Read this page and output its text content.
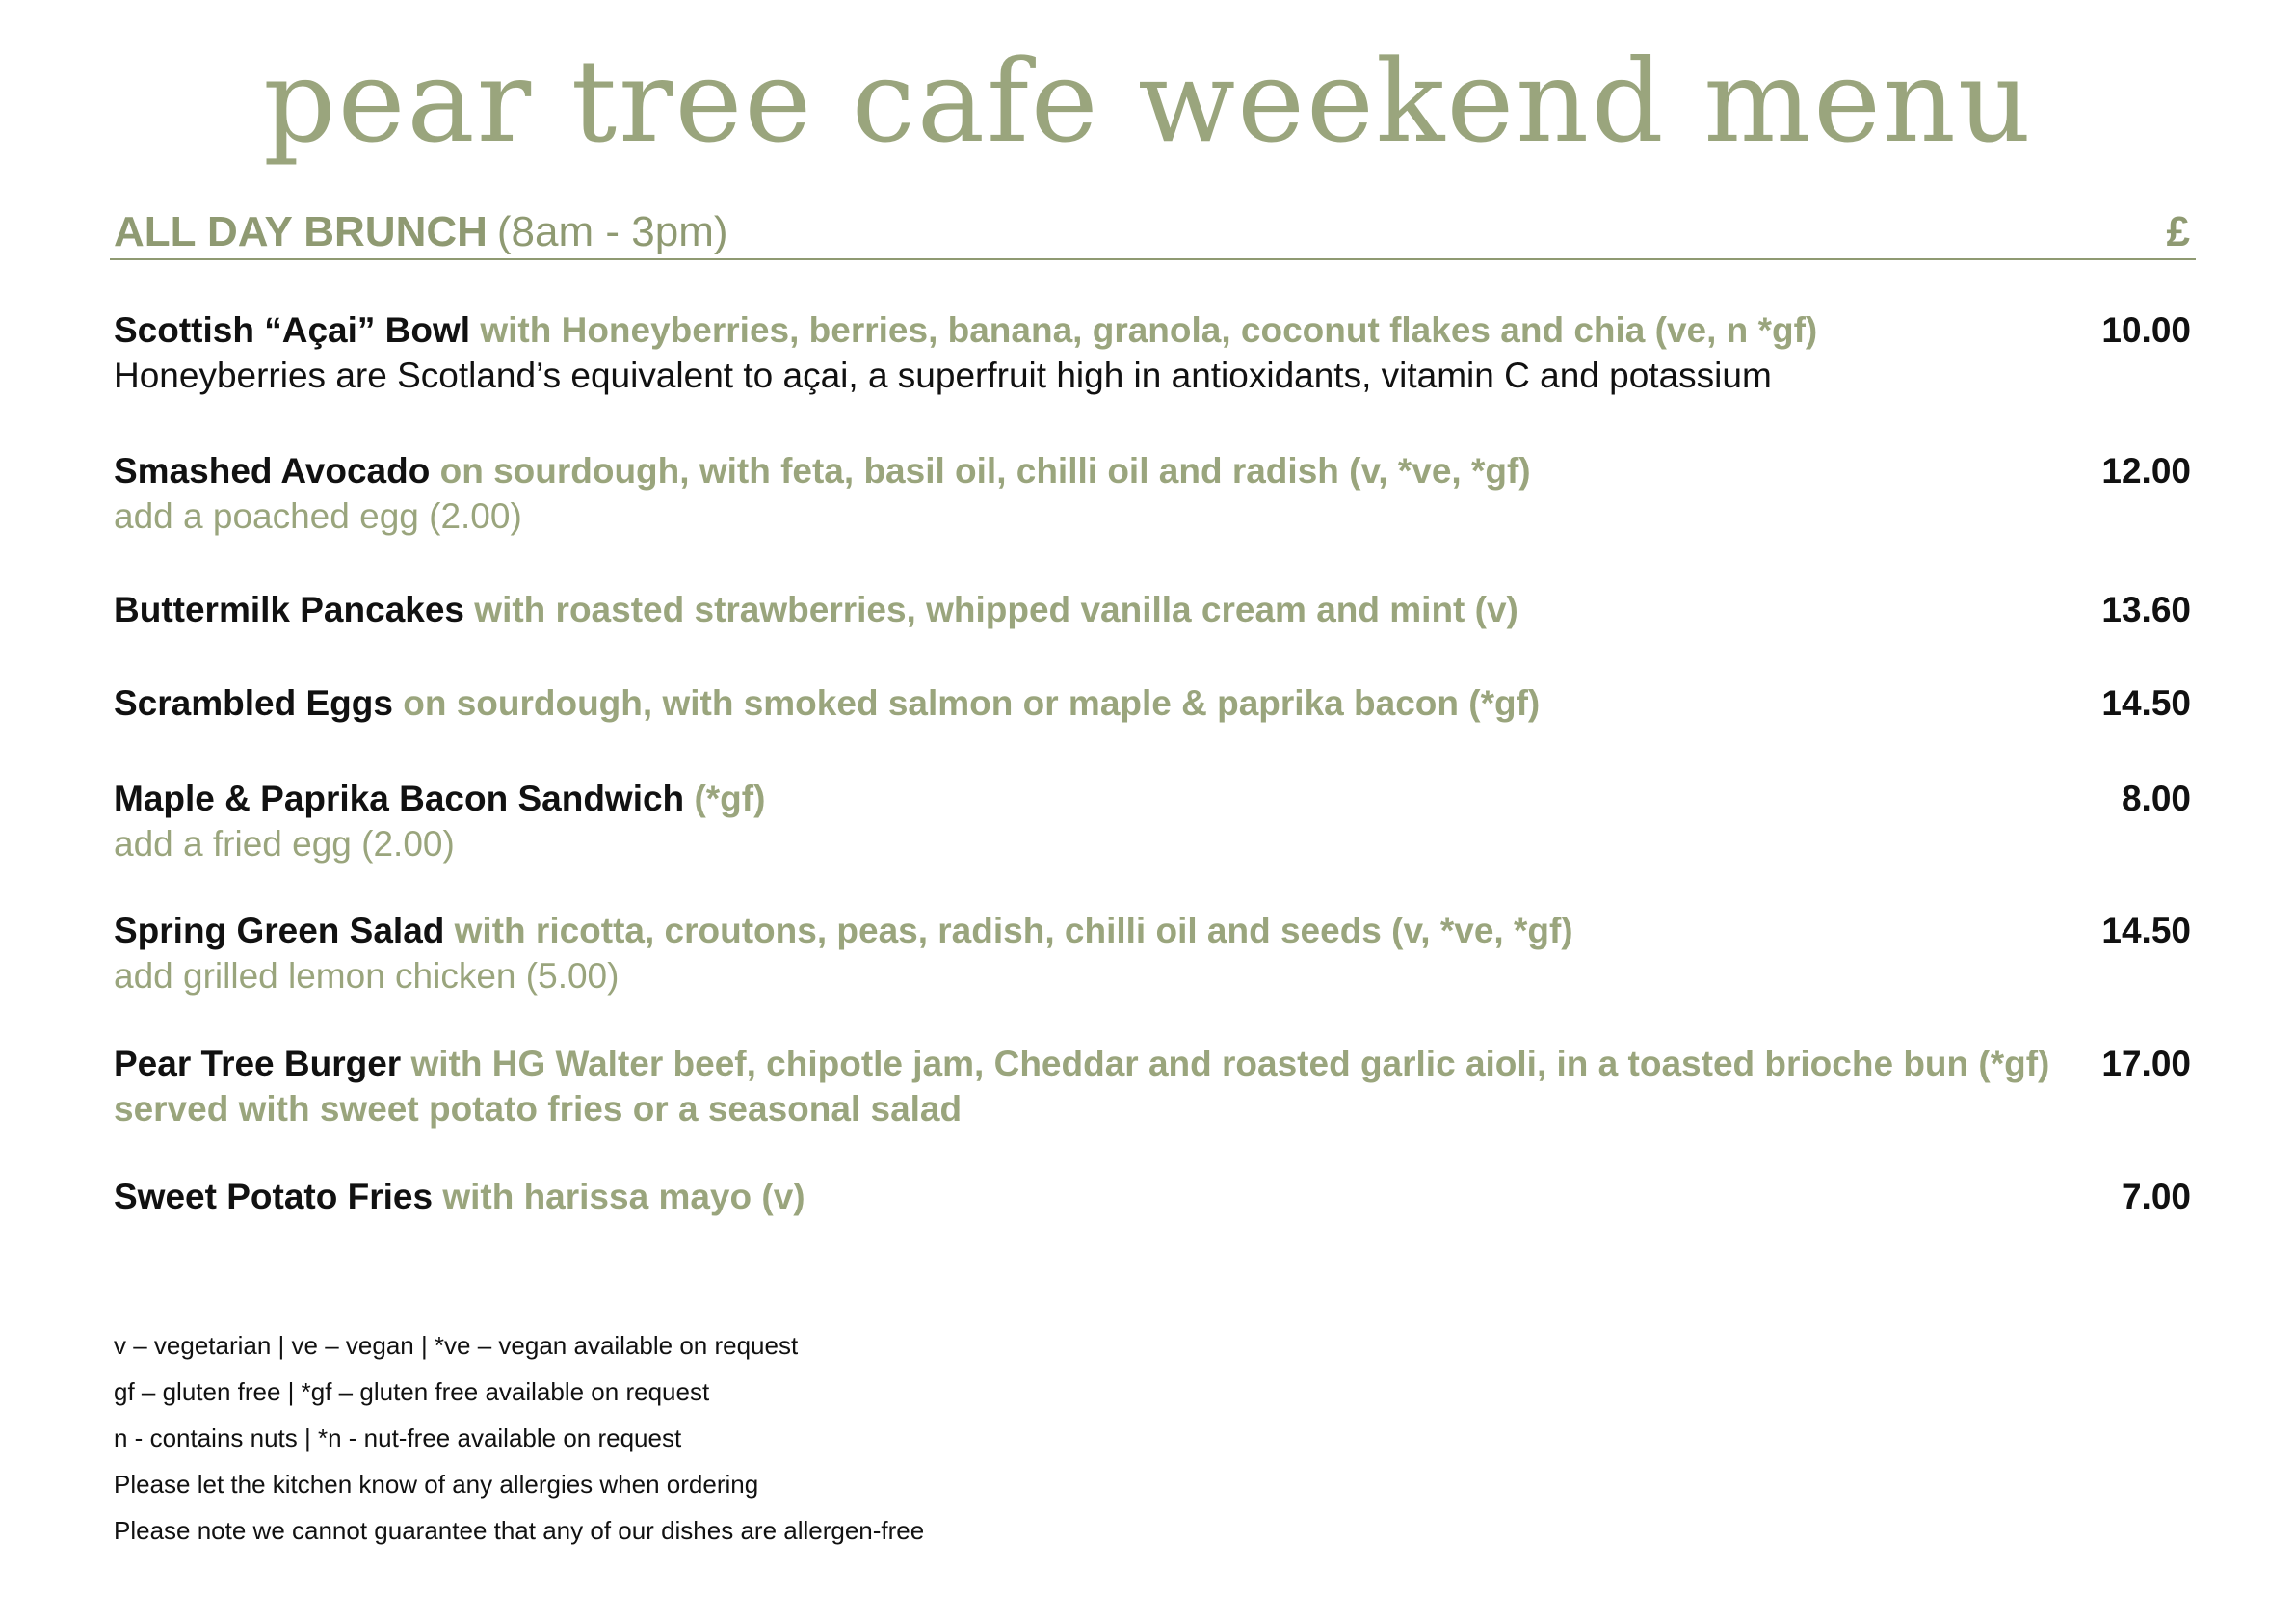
pear tree cafe weekend menu
ALL DAY BRUNCH (8am - 3pm)	£
Scottish “Açai” Bowl with Honeyberries, berries, banana, granola, coconut flakes and chia (ve, n *gf)	10.00
Honeyberries are Scotland’s equivalent to açai, a superfruit high in antioxidants, vitamin C and potassium
Smashed Avocado on sourdough, with feta, basil oil, chilli oil and radish (v, *ve, *gf)	12.00
add a poached egg (2.00)
Buttermilk Pancakes with roasted strawberries, whipped vanilla cream and mint (v)	13.60
Scrambled Eggs on sourdough, with smoked salmon or maple & paprika bacon (*gf)	14.50
Maple & Paprika Bacon Sandwich (*gf)	8.00
add a fried egg (2.00)
Spring Green Salad with ricotta, croutons, peas, radish, chilli oil and seeds (v, *ve, *gf)	14.50
add grilled lemon chicken (5.00)
Pear Tree Burger with HG Walter beef, chipotle jam, Cheddar and roasted garlic aioli, in a toasted brioche bun (*gf)	17.00
served with sweet potato fries or a seasonal salad
Sweet Potato Fries with harissa mayo (v)	7.00
v – vegetarian | ve – vegan | *ve – vegan available on request
gf – gluten free | *gf – gluten free available on request
n - contains nuts | *n - nut-free available on request
Please let the kitchen know of any allergies when ordering
Please note we cannot guarantee that any of our dishes are allergen-free
